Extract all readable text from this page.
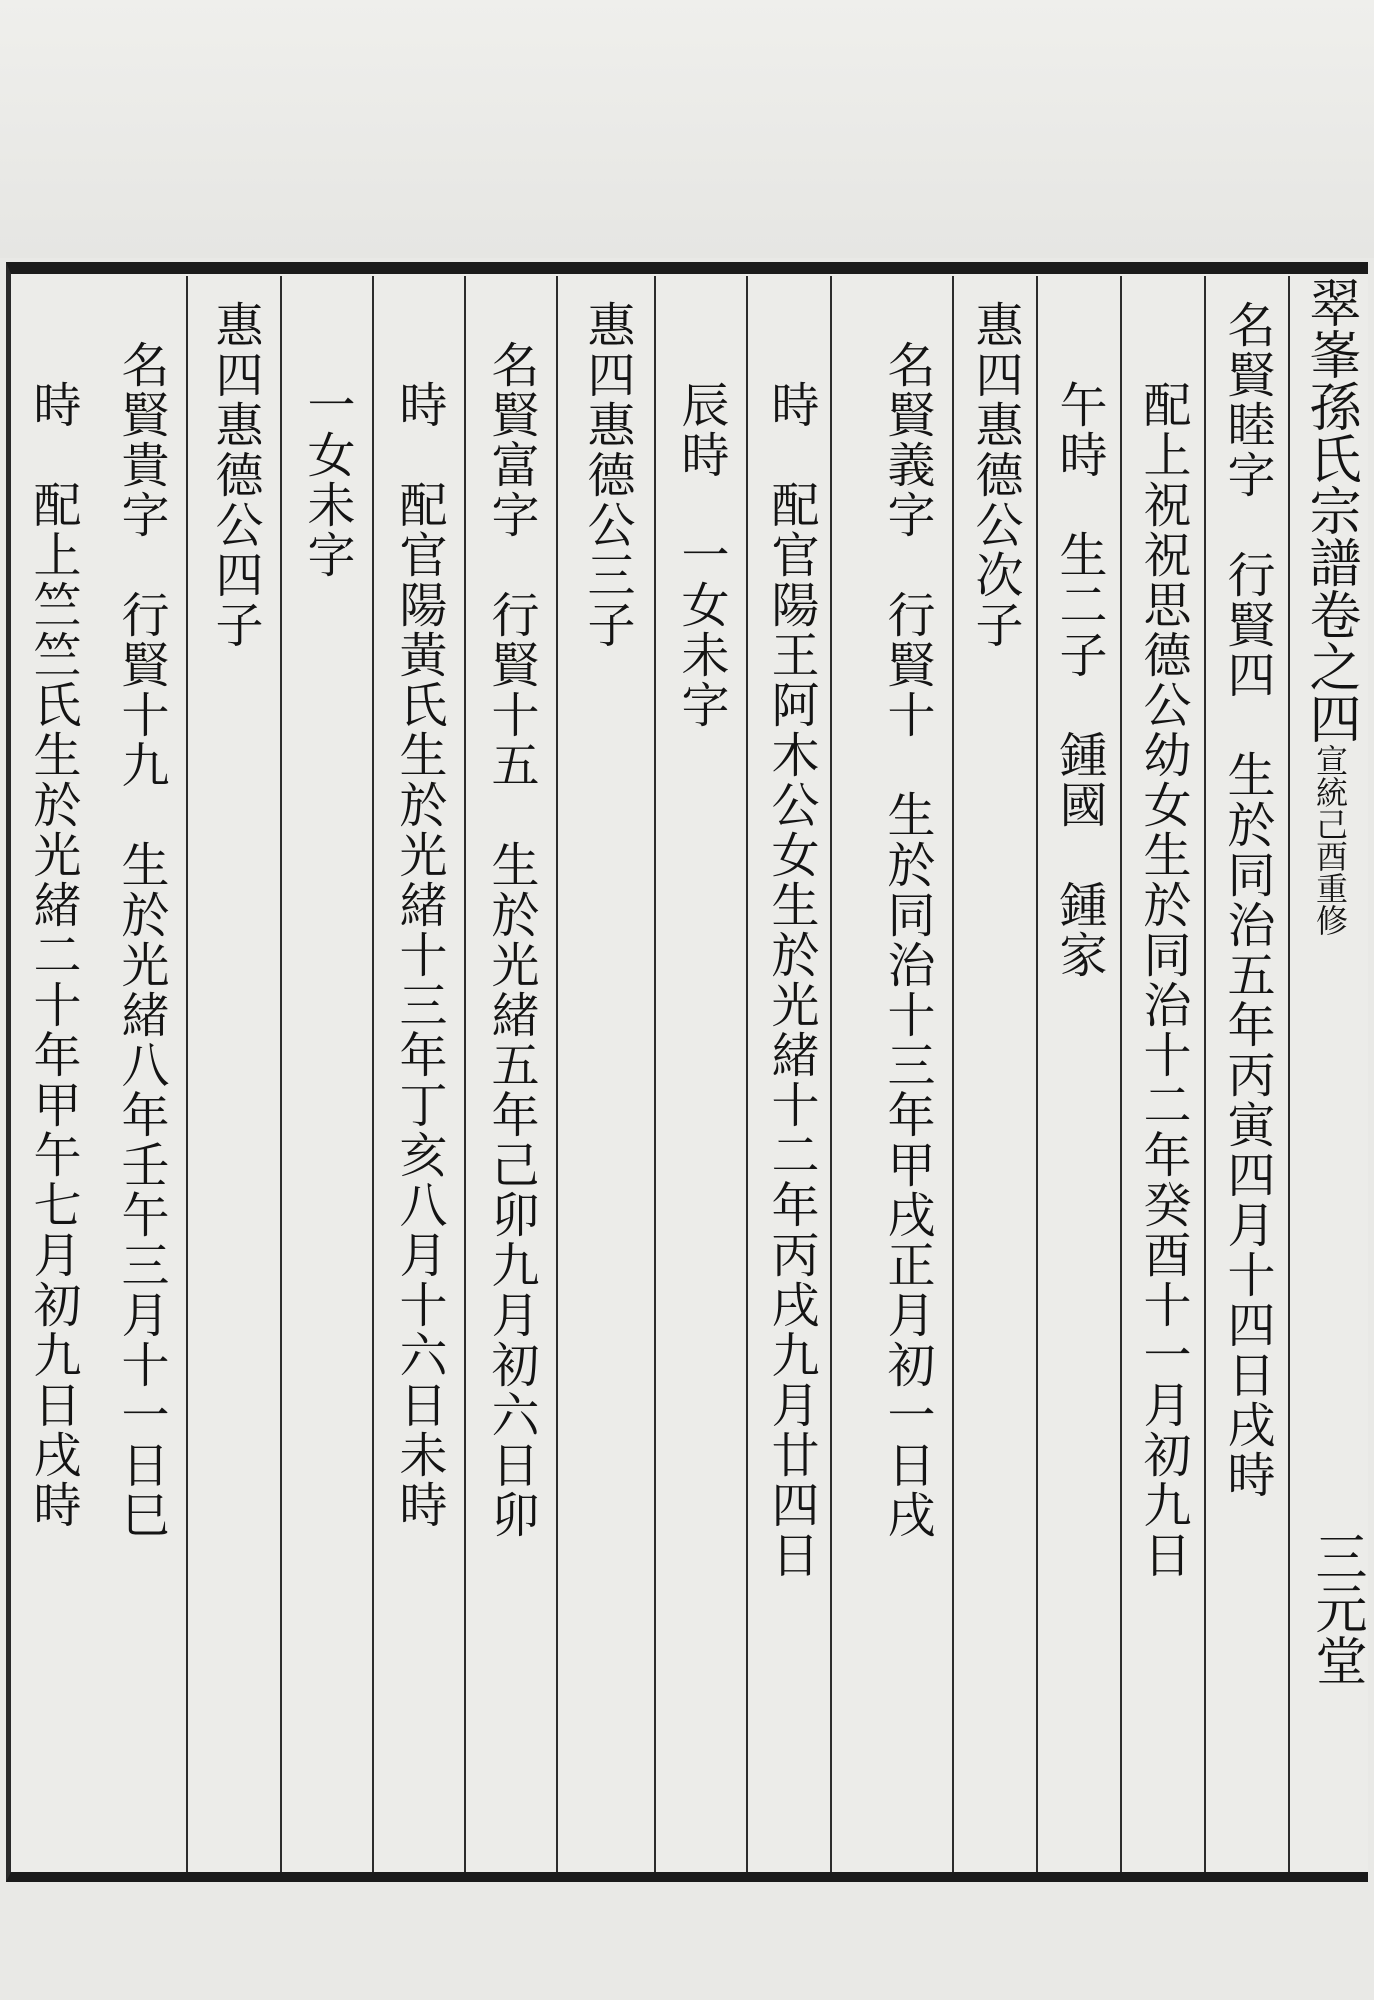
翠峯孫氏宗譜卷之四宣統己酉重修
三元堂
名賢睦字　行賢四　生於同治五年丙寅四月十四日戌時
配上祝祝思德公幼女生於同治十二年癸酉十一月初九日
午時　生二子　鍾國　鍾家
惠四惠德公次子
名賢義字　行賢十　生於同治十三年甲戌正月初一日戌
時　配官陽王阿木公女生於光緒十二年丙戌九月廿四日
辰時　一女未字
惠四惠德公三子
名賢富字　行賢十五　生於光緒五年己卯九月初六日卯
時　配官陽黃氏生於光緒十三年丁亥八月十六日未時
一女未字
惠四惠德公四子
名賢貴字　行賢十九　生於光緒八年壬午三月十一日巳
時　配上竺竺氏生於光緒二十年甲午七月初九日戌時
